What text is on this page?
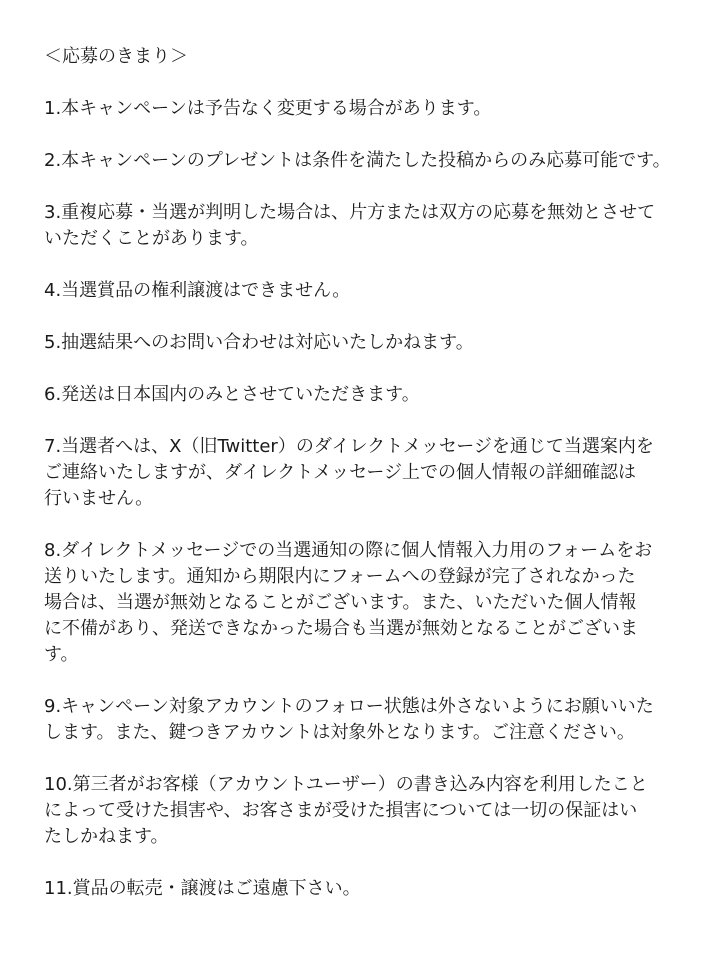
＜応募のきまり＞
1.本キャンペーンは予告なく変更する場合があります。
2.本キャンペーンのプレゼントは条件を満たした投稿からのみ応募可能です。
3.重複応募・当選が判明した場合は、片方または双方の応募を無効とさせて
いただくことがあります。
4.当選賞品の権利譲渡はできません。
5.抽選結果へのお問い合わせは対応いたしかねます。
6.発送は日本国内のみとさせていただきます。
7.当選者へは、X（旧Twitter）のダイレクトメッセージを通じて当選案内を
ご連絡いたしますが、ダイレクトメッセージ上での個人情報の詳細確認は
行いません。
8.ダイレクトメッセージでの当選通知の際に個人情報入力用のフォームをお
送りいたします。通知から期限内にフォームへの登録が完了されなかった
場合は、当選が無効となることがございます。また、いただいた個人情報
に不備があり、発送できなかった場合も当選が無効となることがございま
す。
9.キャンペーン対象アカウントのフォロー状態は外さないようにお願いいた
します。また、鍵つきアカウントは対象外となります。ご注意ください。
10.第三者がお客様（アカウントユーザー）の書き込み内容を利用したこと
によって受けた損害や、お客さまが受けた損害については一切の保証はい
たしかねます。
11.賞品の転売・譲渡はご遠慮下さい。
